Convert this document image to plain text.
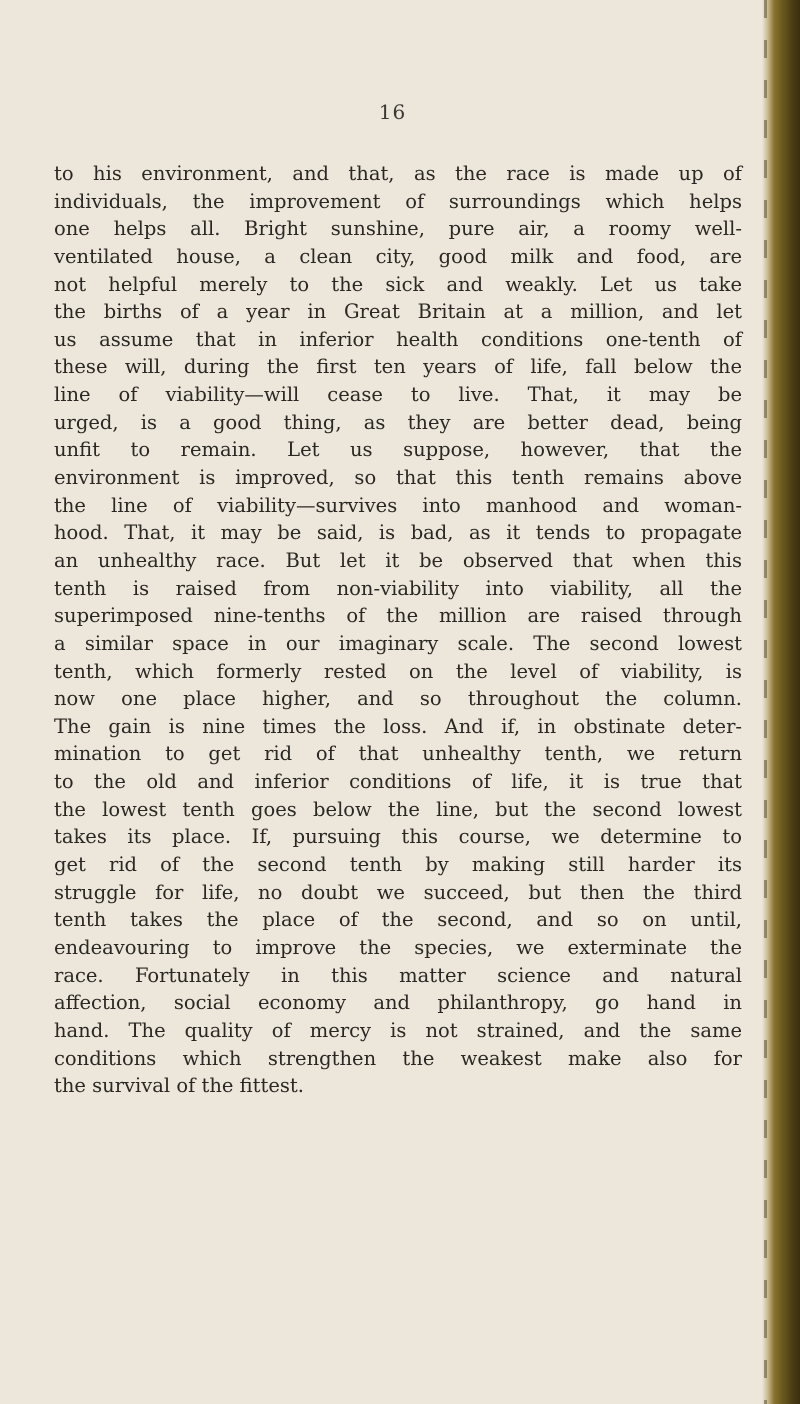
16
to his environment, and that, as the race is made up of
individuals, the improvement of surroundings which helps
one helps all. Bright sunshine, pure air, a roomy well-
ventilated house, a clean city, good milk and food, are
not helpful merely to the sick and weakly. Let us take
the births of a year in Great Britain at a million, and let
us assume that in inferior health conditions one-tenth of
these will, during the first ten years of life, fall below the
line of viability—will cease to live. That, it may be
urged, is a good thing, as they are better dead, being
unfit to remain. Let us suppose, however, that the
environment is improved, so that this tenth remains above
the line of viability—survives into manhood and woman-
hood. That, it may be said, is bad, as it tends to propagate
an unhealthy race. But let it be observed that when this
tenth is raised from non-viability into viability, all the
superimposed nine-tenths of the million are raised through
a similar space in our imaginary scale. The second lowest
tenth, which formerly rested on the level of viability, is
now one place higher, and so throughout the column.
The gain is nine times the loss. And if, in obstinate deter-
mination to get rid of that unhealthy tenth, we return
to the old and inferior conditions of life, it is true that
the lowest tenth goes below the line, but the second lowest
takes its place. If, pursuing this course, we determine to
get rid of the second tenth by making still harder its
struggle for life, no doubt we succeed, but then the third
tenth takes the place of the second, and so on until,
endeavouring to improve the species, we exterminate the
race. Fortunately in this matter science and natural
affection, social economy and philanthropy, go hand in
hand. The quality of mercy is not strained, and the same
conditions which strengthen the weakest make also for
the survival of the fittest.
